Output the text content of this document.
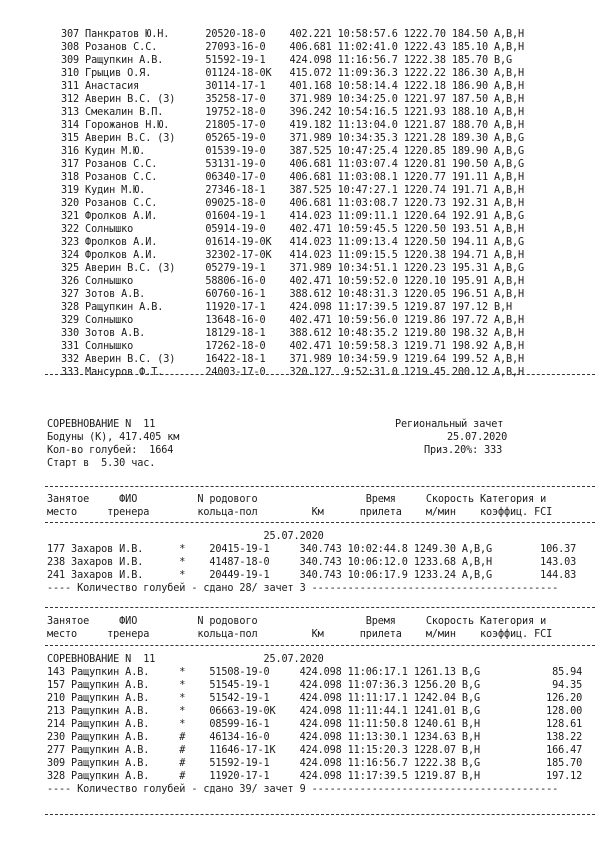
307 Панкратов Ю.Н.      20520-18-0    402.221 10:58:57.6 1222.70 184.50 A,B,H
308 Розанов С.С.        27093-16-0    406.681 11:02:41.0 1222.43 185.10 A,B,H
309 Ращупкин А.В.       51592-19-1    424.098 11:16:56.7 1222.38 185.70 B,G
310 Грыцив О.Я.         01124-18-0K   415.072 11:09:36.3 1222.22 186.30 A,B,H
311 Анастасия           30114-17-1    401.168 10:58:14.4 1222.18 186.90 A,B,H
312 Аверин В.С. (3)     35258-17-0    371.989 10:34:25.0 1221.97 187.50 A,B,H
313 Смекалин В.П.       19752-18-0    396.242 10:54:16.5 1221.93 188.10 A,B,H
314 Горожанов Н.Ю.      21805-17-0    419.182 11:13:04.0 1221.87 188.70 A,B,H
315 Аверин В.С. (3)     05265-19-0    371.989 10:34:35.3 1221.28 189.30 A,B,G
316 Кудин М.Ю.          01539-19-0    387.525 10:47:25.4 1220.85 189.90 A,B,G
317 Розанов С.С.        53131-19-0    406.681 11:03:07.4 1220.81 190.50 A,B,G
318 Розанов С.С.        06340-17-0    406.681 11:03:08.1 1220.77 191.11 A,B,H
319 Кудин М.Ю.          27346-18-1    387.525 10:47:27.1 1220.74 191.71 A,B,H
320 Розанов С.С.        09025-18-0    406.681 11:03:08.7 1220.73 192.31 A,B,H
321 Фролков А.И.        01604-19-1    414.023 11:09:11.1 1220.64 192.91 A,B,G
322 Солнышко            05914-19-0    402.471 10:59:45.5 1220.50 193.51 A,B,H
323 Фролков А.И.        01614-19-0K   414.023 11:09:13.4 1220.50 194.11 A,B,G
324 Фролков А.И.        32302-17-0K   414.023 11:09:15.5 1220.38 194.71 A,B,H
325 Аверин В.С. (3)     05279-19-1    371.989 10:34:51.1 1220.23 195.31 A,B,G
326 Солнышко            58806-16-0    402.471 10:59:52.0 1220.10 195.91 A,B,H
327 Зотов А.В.          60760-16-1    388.612 10:48:31.3 1220.05 196.51 A,B,H
328 Ращупкин А.В.       11920-17-1    424.098 11:17:39.5 1219.87 197.12 B,H
329 Солнышко            13648-16-0    402.471 10:59:56.0 1219.86 197.72 A,B,H
330 Зотов А.В.          18129-18-1    388.612 10:48:35.2 1219.80 198.32 A,B,H
331 Солнышко            17262-18-0    402.471 10:59:58.3 1219.71 198.92 A,B,H
332 Аверин В.С. (3)     16422-18-1    371.989 10:34:59.9 1219.64 199.52 A,B,H
333 Мансуров Ф.Т.       24003-17-0    320.127  9:52:31.0 1219.45 200.12 A,B,H
СОРЕВНОВАНИЕ N  11	Региональный зачет
Бодуны (К), 417.405 км	25.07.2020
Кол-во голубей:  1664	Приз.20%: 333
Старт в  5.30 час.
Занятое     ФИО          N родового                  Время     Скорость Категория и
место     тренера        кольца-пол         Км      прилета    м/мин    коэффиц. FCI
25.07.2020
177 Захаров И.В.      *    20415-19-1     340.743 10:02:44.8 1249.30 A,B,G        106.37
238 Захаров И.В.      *    41487-18-0     340.743 10:06:12.0 1233.68 A,B,H        143.03
241 Захаров И.В.      *    20449-19-1     340.743 10:06:17.9 1233.24 A,B,G        144.83
---- Количество голубей - сдано 28/ зачет 3 -----------------------------------------
Занятое     ФИО          N родового                  Время     Скорость Категория и
место     тренера        кольца-пол         Км      прилета    м/мин    коэффиц. FCI
СОРЕВНОВАНИЕ N  11                  25.07.2020
143 Ращупкин А.В.     *    51508-19-0     424.098 11:06:17.1 1261.13 B,G            85.94
157 Ращупкин А.В.     *    51545-19-1     424.098 11:07:36.3 1256.20 B,G            94.35
210 Ращупкин А.В.     *    51542-19-1     424.098 11:11:17.1 1242.04 B,G           126.20
213 Ращупкин А.В.     *    06663-19-0K    424.098 11:11:44.1 1241.01 B,G           128.00
214 Ращупкин А.В.     *    08599-16-1     424.098 11:11:50.8 1240.61 B,H           128.61
230 Ращупкин А.В.     #    46134-16-0     424.098 11:13:30.1 1234.63 B,H           138.22
277 Ращупкин А.В.     #    11646-17-1K    424.098 11:15:20.3 1228.07 B,H           166.47
309 Ращупкин А.В.     #    51592-19-1     424.098 11:16:56.7 1222.38 B,G           185.70
328 Ращупкин А.В.     #    11920-17-1     424.098 11:17:39.5 1219.87 B,H           197.12
---- Количество голубей - сдано 39/ зачет 9 -----------------------------------------
